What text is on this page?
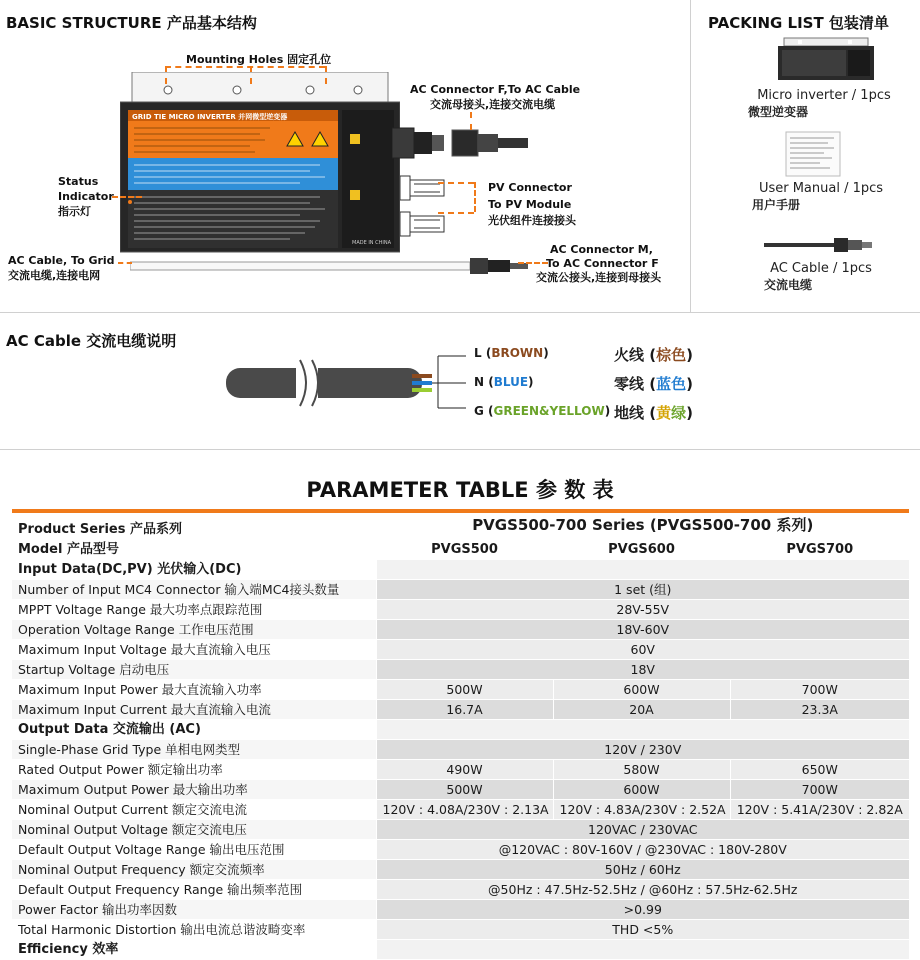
BASIC STRUCTURE 产品基本结构
GRID TIE MICRO INVERTER 并网微型逆变器
MADE IN CHINA
Mounting Holes 固定孔位
AC Connector F,To AC Cable
交流母接头,连接交流电缆
Status
Indicator
指示灯
PV Connector
To PV Module
光伏组件连接接头
AC Cable, To Grid
交流电缆,连接电网
AC Connector M,
To AC Connector F
交流公接头,连接到母接头
PACKING LIST 包装清单
Micro inverter / 1pcs
微型逆变器
User Manual / 1pcs
用户手册
AC Cable / 1pcs
交流电缆
AC Cable 交流电缆说明
L (BROWN)
N (BLUE)
G (GREEN&YELLOW)
火线 (棕色)
零线 (蓝色)
地线 (黄绿)
PARAMETER TABLE 参 数 表
Product Series 产品系列	PVGS500-700 Series (PVGS500-700 系列)		
Model 产品型号	PVGS500	PVGS600	PVGS700
Input Data(DC,PV) 光伏输入(DC)			
Number of Input MC4 Connector 输入端MC4接头数量	1 set (组)		
MPPT Voltage Range 最大功率点跟踪范围	28V-55V		
Operation Voltage Range 工作电压范围	18V-60V		
Maximum Input Voltage 最大直流输入电压	60V		
Startup Voltage 启动电压	18V		
Maximum Input Power 最大直流输入功率	500W	600W	700W
Maximum Input Current 最大直流输入电流	16.7A	20A	23.3A
Output Data 交流输出 (AC)			
Single-Phase Grid Type 单相电网类型	120V / 230V		
Rated Output Power 额定输出功率	490W	580W	650W
Maximum Output Power 最大输出功率	500W	600W	700W
Nominal Output Current 额定交流电流	120V : 4.08A/230V : 2.13A	120V : 4.83A/230V : 2.52A	120V : 5.41A/230V : 2.82A
Nominal Output Voltage 额定交流电压	120VAC / 230VAC		
Default Output Voltage Range 输出电压范围	@120VAC : 80V-160V / @230VAC : 180V-280V		
Nominal Output Frequency 额定交流频率	50Hz / 60Hz		
Default Output Frequency Range 输出频率范围	@50Hz : 47.5Hz-52.5Hz / @60Hz : 57.5Hz-62.5Hz		
Power Factor 输出功率因数	>0.99		
Total Harmonic Distortion 输出电流总谐波畸变率	THD <5%		
Efficiency 效率			
